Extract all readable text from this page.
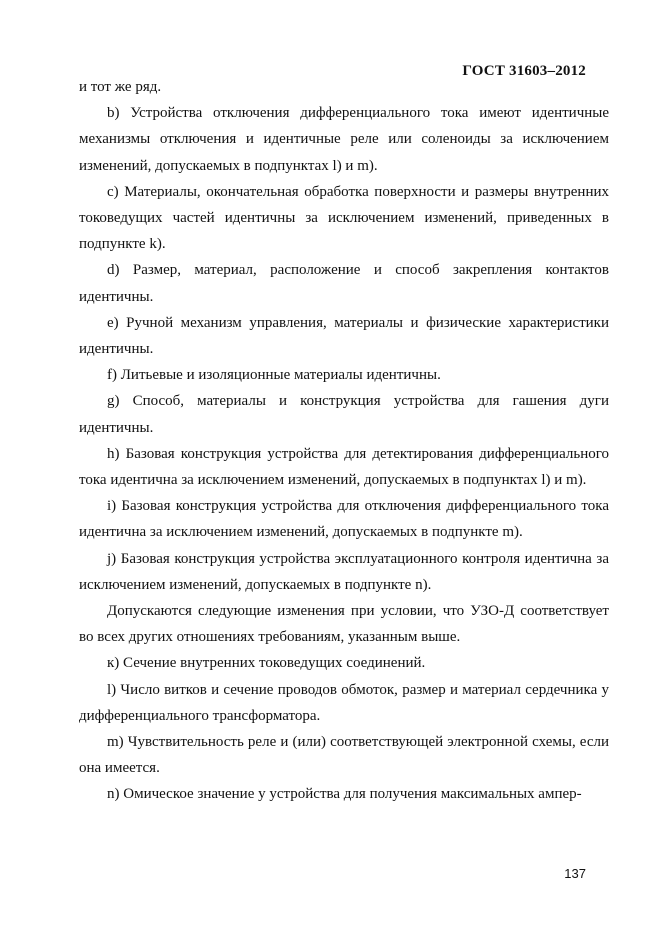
ГОСТ 31603–2012

и тот же ряд.

b) Устройства отключения дифференциального тока имеют идентичные механизмы отключения и идентичные реле или соленоиды за исключением изменений, допускаемых в подпунктах l) и m).

c) Материалы, окончательная обработка поверхности и размеры внутренних токоведущих частей идентичны за исключением изменений, приведенных в подпункте k).

d) Размер, материал, расположение и способ закрепления контактов идентичны.

e) Ручной механизм управления, материалы и физические характеристики идентичны.

f) Литьевые и изоляционные материалы идентичны.

g) Способ, материалы и конструкция устройства для гашения дуги идентичны.

h) Базовая конструкция устройства для детектирования дифференциального тока идентична за исключением изменений, допускаемых в подпунктах l) и m).

i) Базовая конструкция устройства для отключения дифференциального тока идентична за исключением изменений, допускаемых в подпункте m).

j) Базовая конструкция устройства эксплуатационного контроля идентична за исключением изменений, допускаемых в подпункте n).

Допускаются следующие изменения при условии, что УЗО-Д соответствует во всех других отношениях требованиям, указанным выше.

к) Сечение внутренних токоведущих соединений.

l) Число витков и сечение проводов обмоток, размер и материал сердечника у дифференциального трансформатора.

m) Чувствительность реле и (или) соответствующей электронной схемы, если она имеется.

n) Омическое значение у устройства для получения максимальных ампер-

137
